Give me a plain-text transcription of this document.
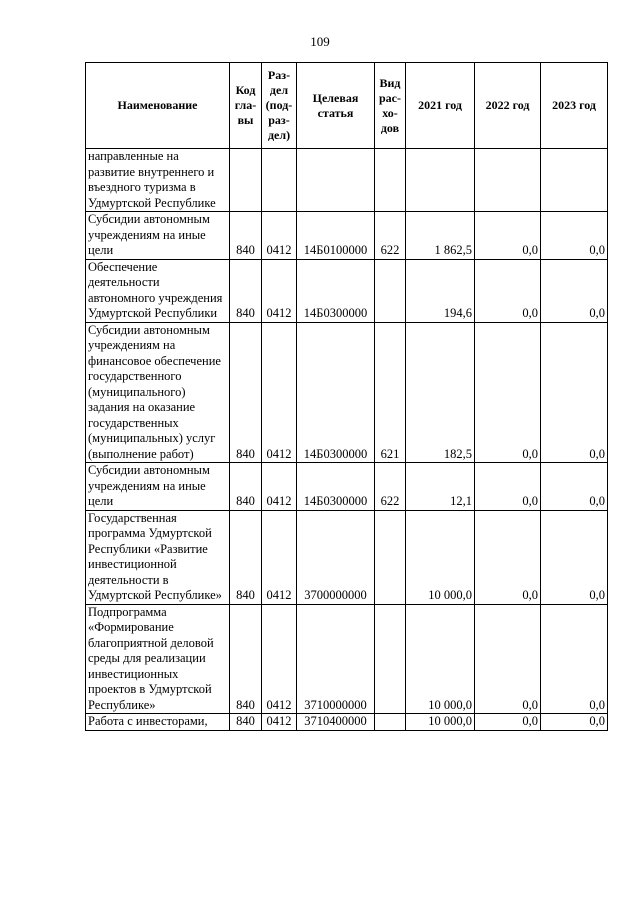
109
Наименование	Код гла-вы	Раз-дел (под-раз-дел)	Целевая статья	Вид рас-хо-дов	2021 год	2022 год	2023 год
направленные на развитие внутреннего и въездного туризма в Удмуртской Республике							
Субсидии автономным учреждениям на иные цели	840	0412	14Б0100000	622	1 862,5	0,0	0,0
Обеспечение деятельности автономного учреждения Удмуртской Республики	840	0412	14Б0300000		194,6	0,0	0,0
Субсидии автономным учреждениям на финансовое обеспечение государственного (муниципального) задания на оказание государственных (муниципальных) услуг (выполнение работ)	840	0412	14Б0300000	621	182,5	0,0	0,0
Субсидии автономным учреждениям на иные цели	840	0412	14Б0300000	622	12,1	0,0	0,0
Государственная программа Удмуртской Республики «Развитие инвестиционной деятельности в Удмуртской Республике»	840	0412	3700000000		10 000,0	0,0	0,0
Подпрограмма «Формирование благоприятной деловой среды для реализации инвестиционных проектов в Удмуртской Республике»	840	0412	3710000000		10 000,0	0,0	0,0
Работа с инвесторами,	840	0412	3710400000		10 000,0	0,0	0,0
